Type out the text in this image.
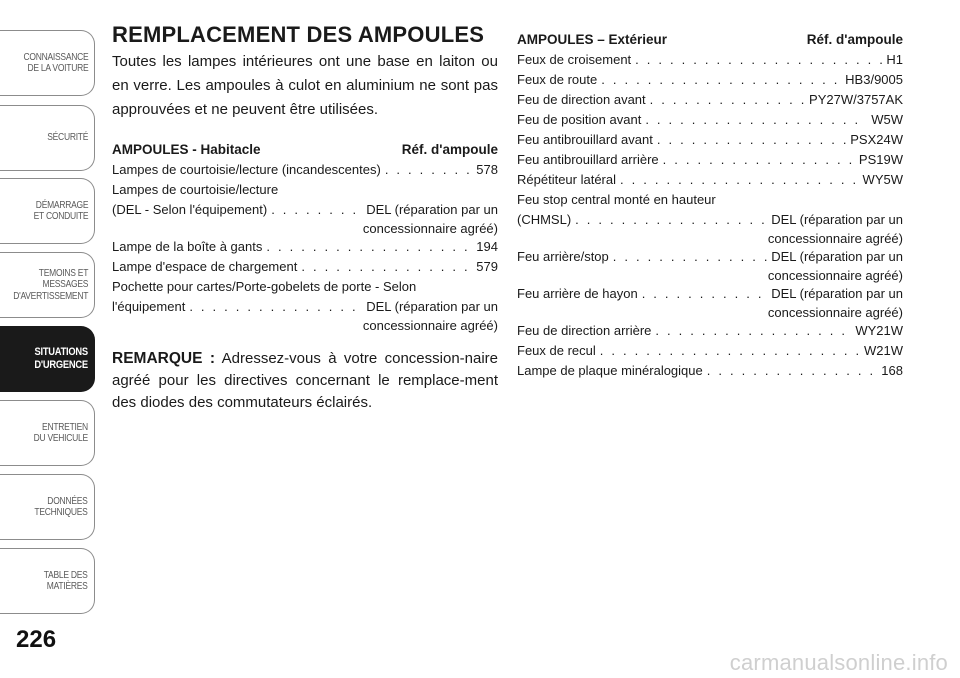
CONNAISSANCE
DE LA VOITURE
SÉCURITÉ
DÉMARRAGE
ET CONDUITE
TEMOINS ET
MESSAGES
D'AVERTISSEMENT
SITUATIONS
D'URGENCE
ENTRETIEN
DU VEHICULE
DONNÉES
TECHNIQUES
TABLE DES
MATIÈRES
226
REMPLACEMENT DES AMPOULES

Toutes les lampes intérieures ont une base en laiton ou en verre. Les ampoules à culot en aluminium ne sont pas approuvées et ne peuvent être utilisées.

AMPOULES - Habitacle	Réf. d'ampoule
Lampes de courtoisie/lecture (incandescentes) . . .	578
Lampes de courtoisie/lecture
(DEL - Selon l'équipement) . . .	DEL (réparation par un
concessionnaire agréé)
Lampe de la boîte à gants . . .	194
Lampe d'espace de chargement . . .	579
Pochette pour cartes/Porte-gobelets de porte - Selon
l'équipement . . .	DEL (réparation par un
concessionnaire agréé)
REMARQUE : Adressez-vous à votre concession-naire agréé pour les directives concernant le remplace-ment des diodes des commutateurs éclairés.
AMPOULES – Extérieur	Réf. d'ampoule
Feux de croisement . . .	H1
Feux de route . . .	HB3/9005
Feu de direction avant . . .	PY27W/3757AK
Feu de position avant . . .	W5W
Feu antibrouillard avant . . .	PSX24W
Feu antibrouillard arrière . . .	PS19W
Répétiteur latéral . . .	WY5W
Feu stop central monté en hauteur
(CHMSL) . . .	DEL (réparation par un
concessionnaire agréé)
Feu arrière/stop . . .	DEL (réparation par un
concessionnaire agréé)
Feu arrière de hayon . . .	DEL (réparation par un
concessionnaire agréé)
Feu de direction arrière . . .	WY21W
Feux de recul . . .	W21W
Lampe de plaque minéralogique . . .	168
carmanualsonline.info
